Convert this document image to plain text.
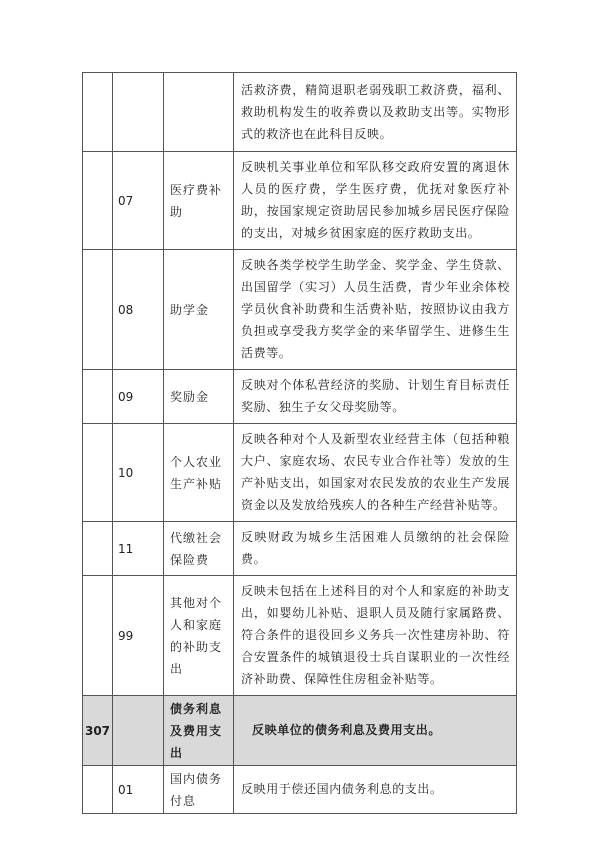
			活救济费，精简退职老弱残职工救济费，福利、救助机构发生的收养费以及救助支出等。实物形式的救济也在此科目反映。
	07	医疗费补助	反映机关事业单位和军队移交政府安置的离退休人员的医疗费，学生医疗费，优抚对象医疗补助，按国家规定资助居民参加城乡居民医疗保险的支出，对城乡贫困家庭的医疗救助支出。
	08	助学金	反映各类学校学生助学金、奖学金、学生贷款、出国留学（实习）人员生活费，青少年业余体校学员伙食补助费和生活费补贴，按照协议由我方负担或享受我方奖学金的来华留学生、进修生生活费等。
	09	奖励金	反映对个体私营经济的奖励、计划生育目标责任奖励、独生子女父母奖励等。
	10	个人农业生产补贴	反映各种对个人及新型农业经营主体（包括种粮大户、家庭农场、农民专业合作社等）发放的生产补贴支出，如国家对农民发放的农业生产发展资金以及发放给残疾人的各种生产经营补贴等。
	11	代缴社会保险费	反映财政为城乡生活困难人员缴纳的社会保险费。
	99	其他对个人和家庭的补助支出	反映未包括在上述科目的对个人和家庭的补助支出，如婴幼儿补贴、退职人员及随行家属路费、符合条件的退役回乡义务兵一次性建房补助、符合安置条件的城镇退役士兵自谋职业的一次性经济补助费、保障性住房租金补贴等。
307		债务利息及费用支出	反映单位的债务利息及费用支出。
	01	国内债务付息	反映用于偿还国内债务利息的支出。
